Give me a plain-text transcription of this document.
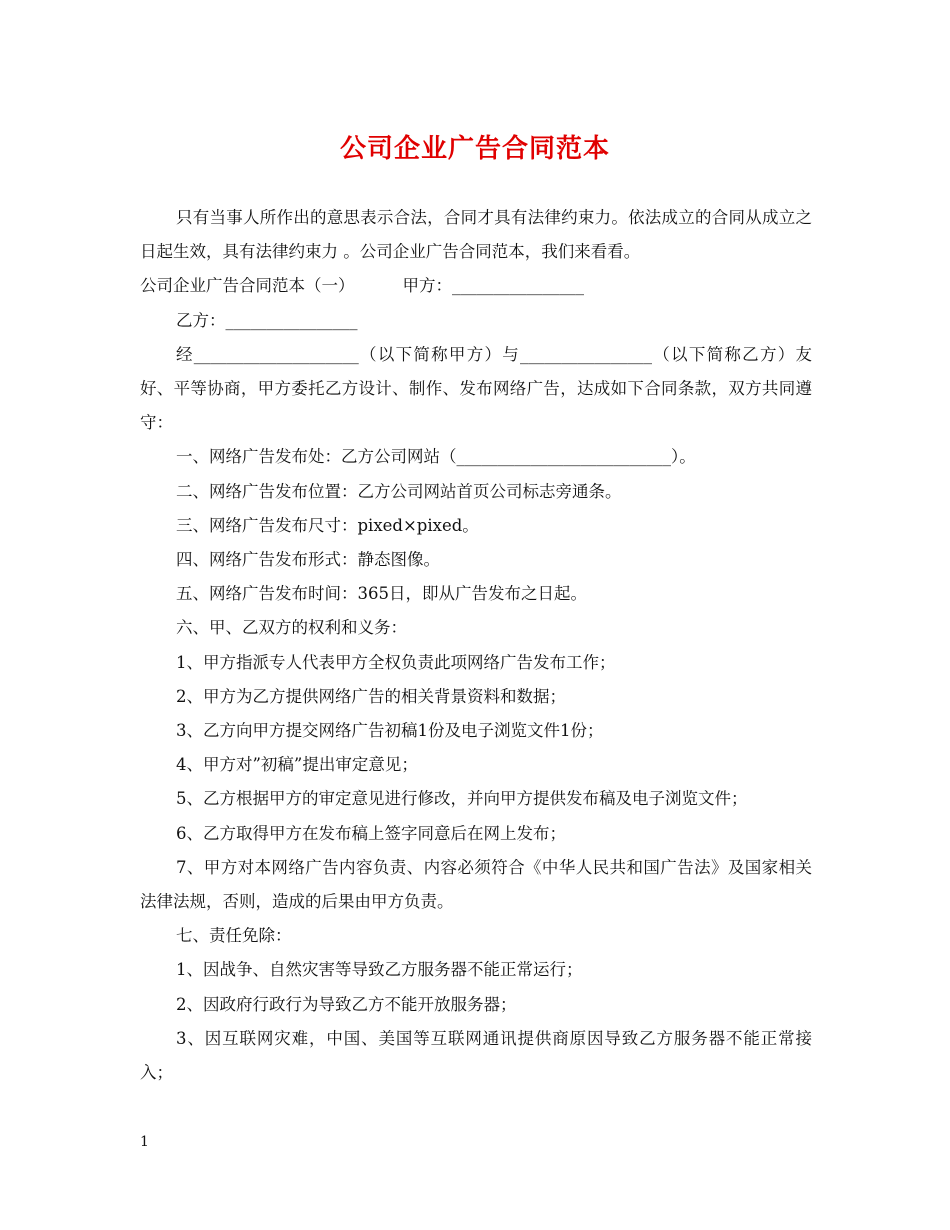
公司企业广告合同范本

只有当事人所作出的意思表示合法，合同才具有法律约束力。依法成立的合同从成立之日起生效，具有法律约束力 。公司企业广告合同范本，我们来看看。

公司企业广告合同范本（一）	甲方：________________

乙方：________________

经____________________（以下简称甲方）与________________（以下简称乙方）友好、平等协商，甲方委托乙方设计、制作、发布网络广告，达成如下合同条款，双方共同遵守：

一、网络广告发布处：乙方公司网站（__________________________）。

二、网络广告发布位置：乙方公司网站首页公司标志旁通条。

三、网络广告发布尺寸：pixed×pixed。

四、网络广告发布形式：静态图像。

五、网络广告发布时间：365日，即从广告发布之日起。

六、甲、乙双方的权利和义务：

1、甲方指派专人代表甲方全权负责此项网络广告发布工作；

2、甲方为乙方提供网络广告的相关背景资料和数据；

3、乙方向甲方提交网络广告初稿1份及电子浏览文件1份；

4、甲方对”初稿”提出审定意见；

5、乙方根据甲方的审定意见进行修改，并向甲方提供发布稿及电子浏览文件；

6、乙方取得甲方在发布稿上签字同意后在网上发布；

7、甲方对本网络广告内容负责、内容必须符合《中华人民共和国广告法》及国家相关法律法规，否则，造成的后果由甲方负责。

七、责任免除：

1、因战争、自然灾害等导致乙方服务器不能正常运行；

2、因政府行政行为导致乙方不能开放服务器；

3、因互联网灾难，中国、美国等互联网通讯提供商原因导致乙方服务器不能正常接入；

1
